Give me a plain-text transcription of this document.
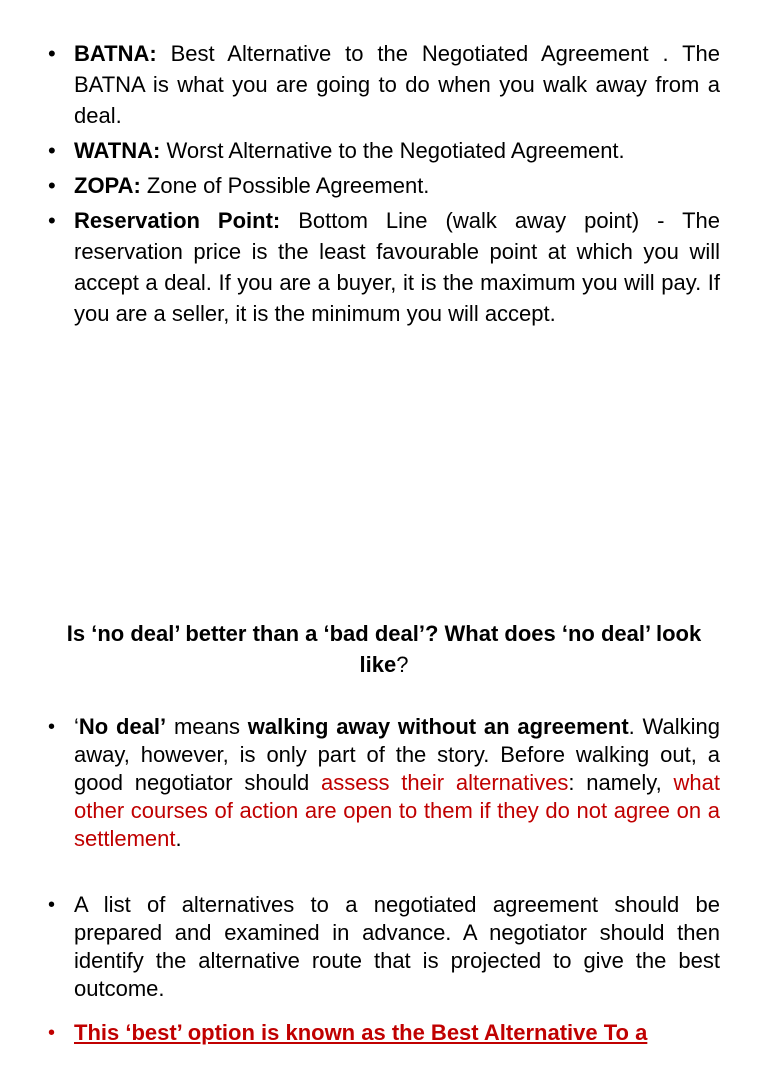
• BATNA: Best Alternative to the Negotiated Agreement . The BATNA is what you are going to do when you walk away from a deal.
• WATNA: Worst Alternative to the Negotiated Agreement.
• ZOPA: Zone of Possible Agreement.
• Reservation Point: Bottom Line (walk away point) - The reservation price is the least favourable point at which you will accept a deal. If you are a buyer, it is the maximum you will pay. If you are a seller, it is the minimum you will accept.
Is ‘no deal’ better than a ‘bad deal’? What does ‘no deal’ look like?
• ‘No deal’ means walking away without an agreement. Walking away, however, is only part of the story. Before walking out, a good negotiator should assess their alternatives: namely, what other courses of action are open to them if they do not agree on a settlement.
• A list of alternatives to a negotiated agreement should be prepared and examined in advance. A negotiator should then identify the alternative route that is projected to give the best outcome.
• This ‘best’ option is known as the Best Alternative To a
